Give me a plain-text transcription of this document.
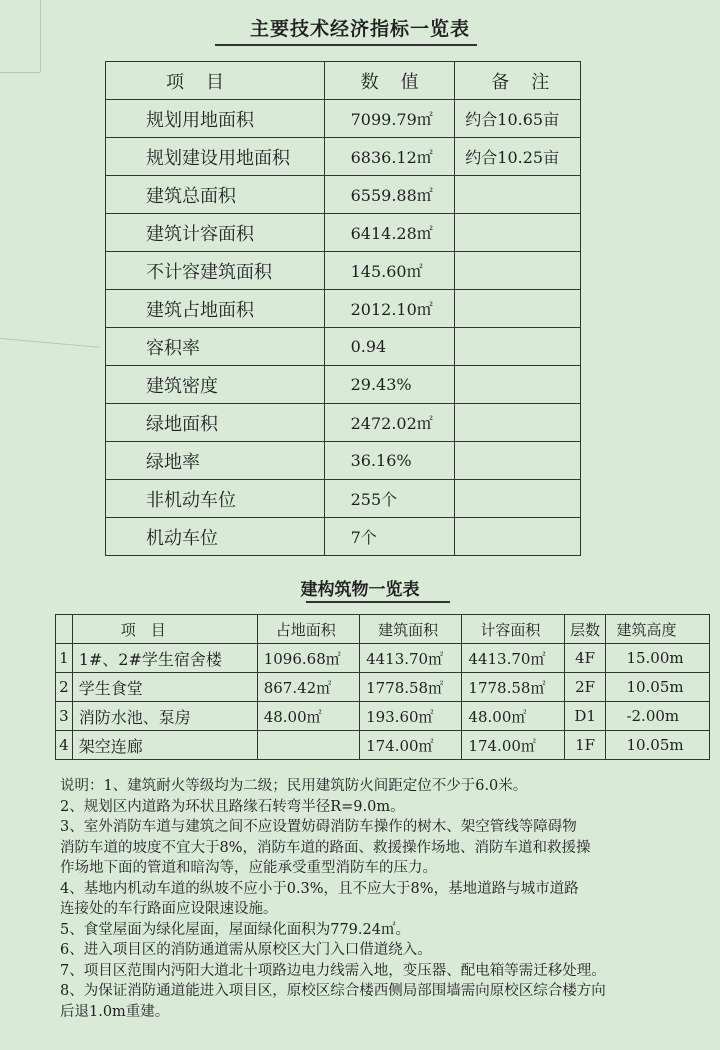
主要技术经济指标一览表
项　目	数　值	备　注
规划用地面积	7099.79㎡	约合10.65亩
规划建设用地面积	6836.12㎡	约合10.25亩
建筑总面积	6559.88㎡	
建筑计容面积	6414.28㎡	
不计容建筑面积	145.60㎡	
建筑占地面积	2012.10㎡	
容积率	0.94	
建筑密度	29.43%	
绿地面积	2472.02㎡	
绿地率	36.16%	
非机动车位	255个	
机动车位	7个	
建构筑物一览表
	项　目	占地面积	建筑面积	计容面积	层数	建筑高度
1	1#、2#学生宿舍楼	1096.68㎡	4413.70㎡	4413.70㎡	4F	15.00m
2	学生食堂	867.42㎡	1778.58㎡	1778.58㎡	2F	10.05m
3	消防水池、泵房	48.00㎡	193.60㎡	48.00㎡	D1	-2.00m
4	架空连廊		174.00㎡	174.00㎡	1F	10.05m
说明：1、建筑耐火等级均为二级；民用建筑防火间距定位不少于6.0米。
2、规划区内道路为环状且路缘石转弯半径R=9.0m。
3、室外消防车道与建筑之间不应设置妨碍消防车操作的树木、架空管线等障碍物
消防车道的坡度不宜大于8%，消防车道的路面、救援操作场地、消防车道和救援操
作场地下面的管道和暗沟等，应能承受重型消防车的压力。
4、基地内机动车道的纵坡不应小于0.3%，且不应大于8%，基地道路与城市道路
连接处的车行路面应设限速设施。
5、食堂屋面为绿化屋面，屋面绿化面积为779.24㎡。
6、进入项目区的消防通道需从原校区大门入口借道绕入。
7、项目区范围内沔阳大道北十项路边电力线需入地，变压器、配电箱等需迁移处理。
8、为保证消防通道能进入项目区，原校区综合楼西侧局部围墙需向原校区综合楼方向
后退1.0m重建。
